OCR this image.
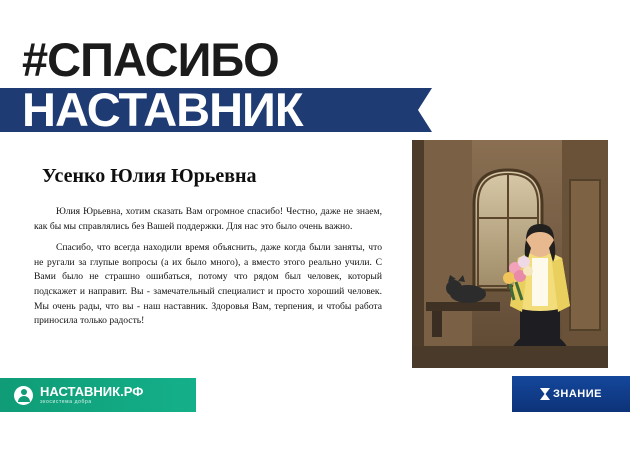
#СПАСИБО
НАСТАВНИК
Усенко Юлия Юрьевна

Юлия Юрьевна, хотим сказать Вам огромное спасибо! Честно, даже не знаем, как бы мы справлялись без Вашей поддержки. Для нас это было очень важно.

Спасибо, что всегда находили время объяснить, даже когда были заняты, что не ругали за глупые вопросы (а их было много), а вместо этого реально учили. С Вами было не страшно ошибаться, потому что рядом был человек, который подскажет и направит. Вы - замечательный специалист и просто хороший человек. Мы очень рады, что вы - наш наставник. Здоровья Вам, терпения, и чтобы работа приносила только радость!

НАСТАВНИК.РФ
экосистема добра
ЗНАНИЕ
